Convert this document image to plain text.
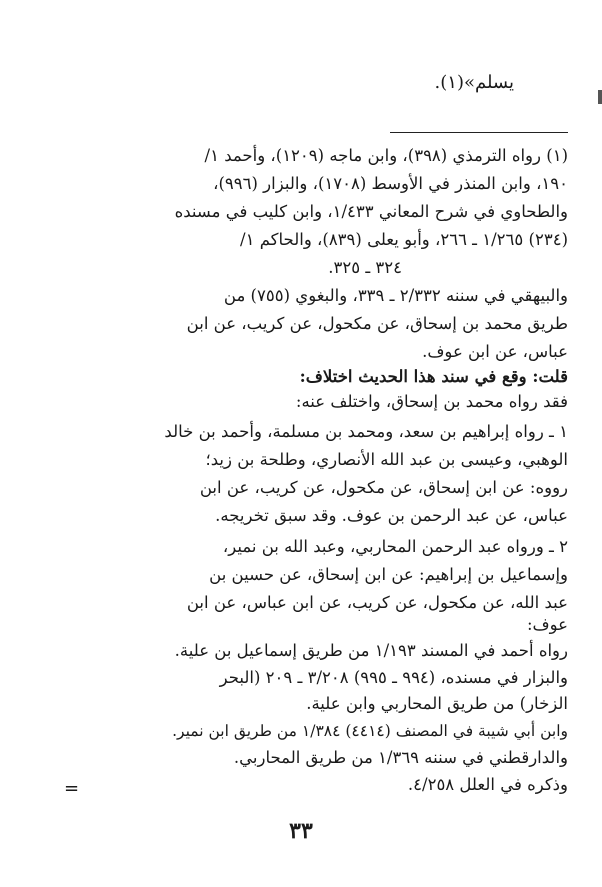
يسلم»(١).
(١) رواه الترمذي (٣٩٨)، وابن ماجه (١٢٠٩)، وأحمد ١/
١٩٠، وابن المنذر في الأوسط (١٧٠٨)، والبزار (٩٩٦)،
والطحاوي في شرح المعاني ١/٤٣٣، وابن كليب في مسنده
(٢٣٤) ١/٢٦٥ ـ ٢٦٦، وأبو يعلى (٨٣٩)، والحاكم ١/
٣٢٤ ـ ٣٢٥.
والبيهقي في سننه ٢/٣٣٢ ـ ٣٣٩، والبغوي (٧٥٥) من
طريق محمد بن إسحاق، عن مكحول، عن كريب، عن ابن
عباس، عن ابن عوف.
قلت: وقع في سند هذا الحديث اختلاف:
فقد رواه محمد بن إسحاق، واختلف عنه:
١ ـ رواه إبراهيم بن سعد، ومحمد بن مسلمة، وأحمد بن خالد
الوهبي، وعيسى بن عبد الله الأنصاري، وطلحة بن زيد؛
رووه: عن ابن إسحاق، عن مكحول، عن كريب، عن ابن
عباس، عن عبد الرحمن بن عوف. وقد سبق تخريجه.
٢ ـ ورواه عبد الرحمن المحاربي، وعبد الله بن نمير،
وإسماعيل بن إبراهيم: عن ابن إسحاق، عن حسين بن
عبد الله، عن مكحول، عن كريب، عن ابن عباس، عن ابن
عوف:
رواه أحمد في المسند ١/١٩٣ من طريق إسماعيل بن علية.
والبزار في مسنده، (٩٩٤ ـ ٩٩٥) ٣/٢٠٨ ـ ٢٠٩ (البحر
الزخار) من طريق المحاربي وابن علية.
وابن أبي شيبة في المصنف (٤٤١٤) ١/٣٨٤ من طريق ابن نمير.
والدارقطني في سننه ١/٣٦٩ من طريق المحاربي.
وذكره في العلل ٤/٢٥٨.
=
٣٣
